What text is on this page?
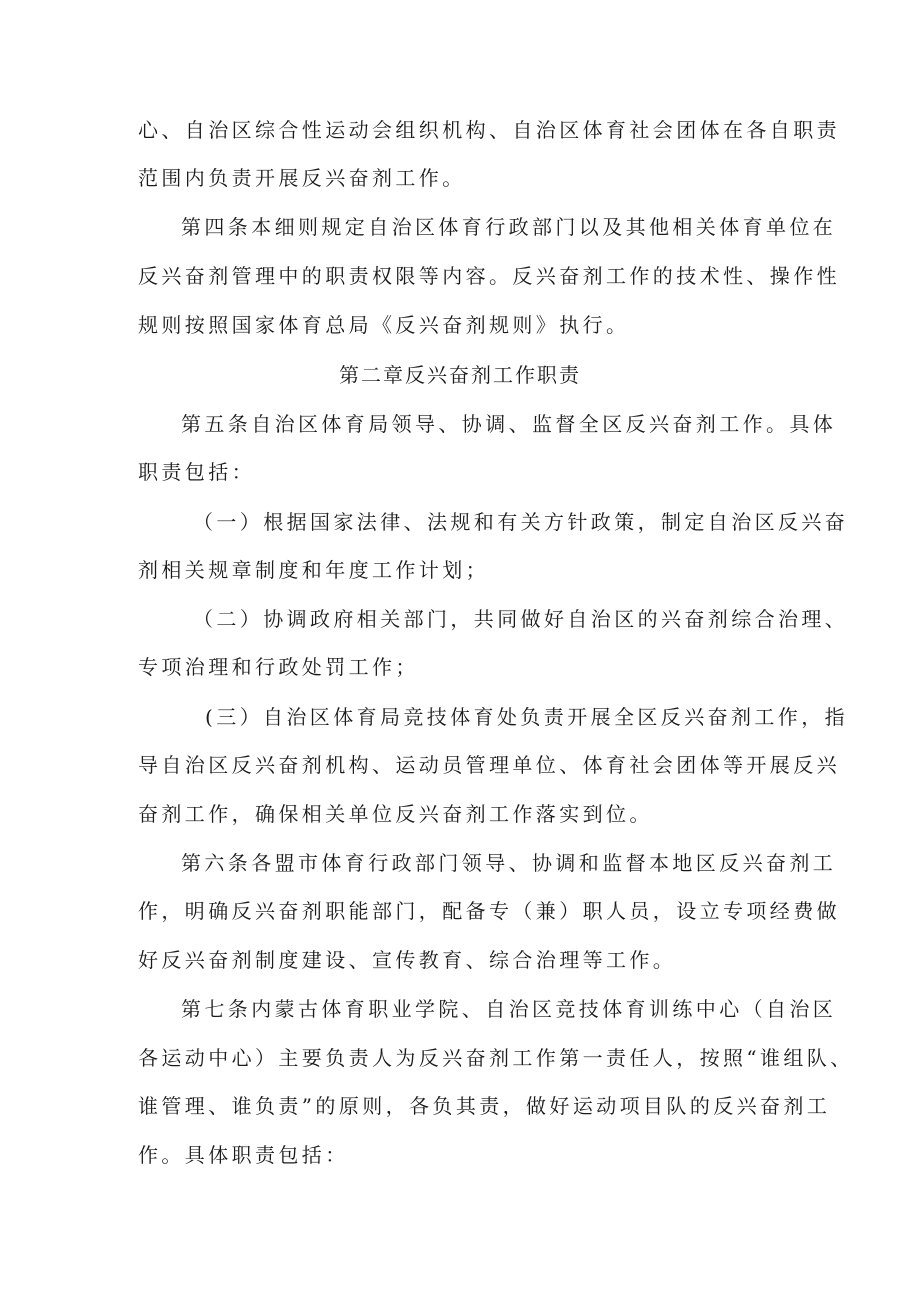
心、自治区综合性运动会组织机构、自治区体育社会团体在各自职责
范围内负责开展反兴奋剂工作。
第四条本细则规定自治区体育行政部门以及其他相关体育单位在
反兴奋剂管理中的职责权限等内容。反兴奋剂工作的技术性、操作性
规则按照国家体育总局《反兴奋剂规则》执行。
第二章反兴奋剂工作职责
第五条自治区体育局领导、协调、监督全区反兴奋剂工作。具体
职责包括：
（一）根据国家法律、法规和有关方针政策，制定自治区反兴奋
剂相关规章制度和年度工作计划；
（二）协调政府相关部门，共同做好自治区的兴奋剂综合治理、
专项治理和行政处罚工作；
(三）自治区体育局竞技体育处负责开展全区反兴奋剂工作，指
导自治区反兴奋剂机构、运动员管理单位、体育社会团体等开展反兴
奋剂工作，确保相关单位反兴奋剂工作落实到位。
第六条各盟市体育行政部门领导、协调和监督本地区反兴奋剂工
作，明确反兴奋剂职能部门，配备专（兼）职人员，设立专项经费做
好反兴奋剂制度建设、宣传教育、综合治理等工作。
第七条内蒙古体育职业学院、自治区竞技体育训练中心（自治区
各运动中心）主要负责人为反兴奋剂工作第一责任人，按照“谁组队、
谁管理、谁负责”的原则，各负其责，做好运动项目队的反兴奋剂工
作。具体职责包括：
